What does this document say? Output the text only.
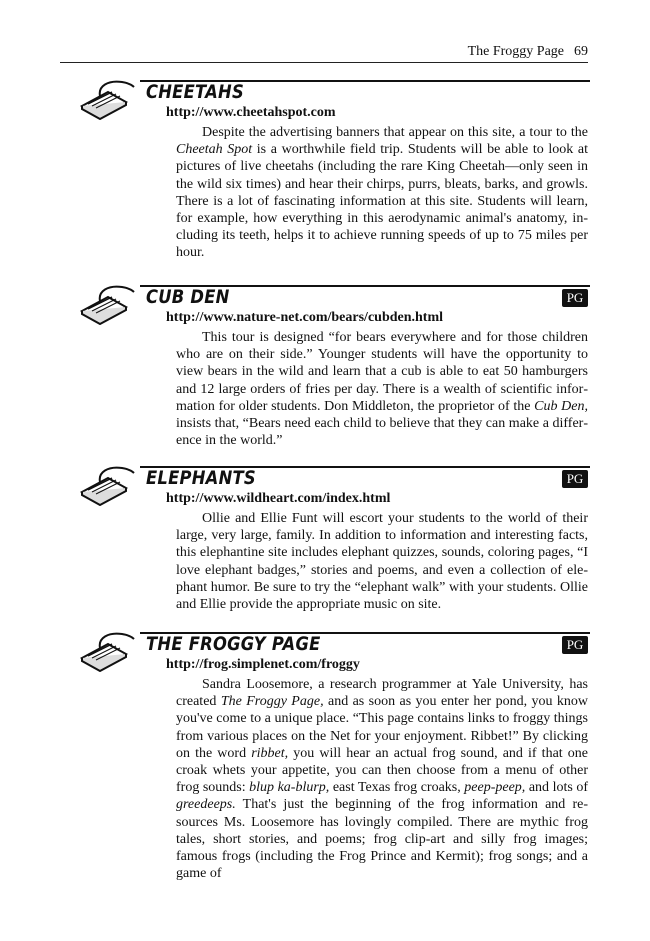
The Froggy Page 69
CHEETAHS
http://www.cheetahspot.com
Despite the advertising banners that appear on this site, a tour to the Cheetah Spot is a worthwhile field trip. Students will be able to look at pictures of live cheetahs (including the rare King Cheetah—only seen in the wild six times) and hear their chirps, purrs, bleats, barks, and growls. There is a lot of fascinating information at this site. Students will learn, for example, how everything in this aerodynamic animal's anatomy, including its teeth, helps it to achieve running speeds of up to 75 miles per hour.
CUB DEN	PG
http://www.nature-net.com/bears/cubden.html
This tour is designed “for bears everywhere and for those children who are on their side.” Younger students will have the opportunity to view bears in the wild and learn that a cub is able to eat 50 hamburgers and 12 large orders of fries per day. There is a wealth of scientific information for older students. Don Middleton, the proprietor of the Cub Den, insists that, “Bears need each child to believe that they can make a difference in the world.”
ELEPHANTS	PG
http://www.wildheart.com/index.html
Ollie and Ellie Funt will escort your students to the world of their large, very large, family. In addition to information and interesting facts, this elephantine site includes elephant quizzes, sounds, coloring pages, “I love elephant badges,” stories and poems, and even a collection of elephant humor. Be sure to try the “elephant walk” with your students. Ollie and Ellie provide the appropriate music on site.
THE FROGGY PAGE	PG
http://frog.simplenet.com/froggy
Sandra Loosemore, a research programmer at Yale University, has created The Froggy Page, and as soon as you enter her pond, you know you've come to a unique place. “This page contains links to froggy things from various places on the Net for your enjoyment. Ribbet!” By clicking on the word ribbet, you will hear an actual frog sound, and if that one croak whets your appetite, you can then choose from a menu of other frog sounds: blup ka-blurp, east Texas frog croaks, peep-peep, and lots of greedeeps. That's just the beginning of the frog information and resources Ms. Loosemore has lovingly compiled. There are mythic frog tales, short stories, and poems; frog clip-art and silly frog images; famous frogs (including the Frog Prince and Kermit); frog songs; and a game of
